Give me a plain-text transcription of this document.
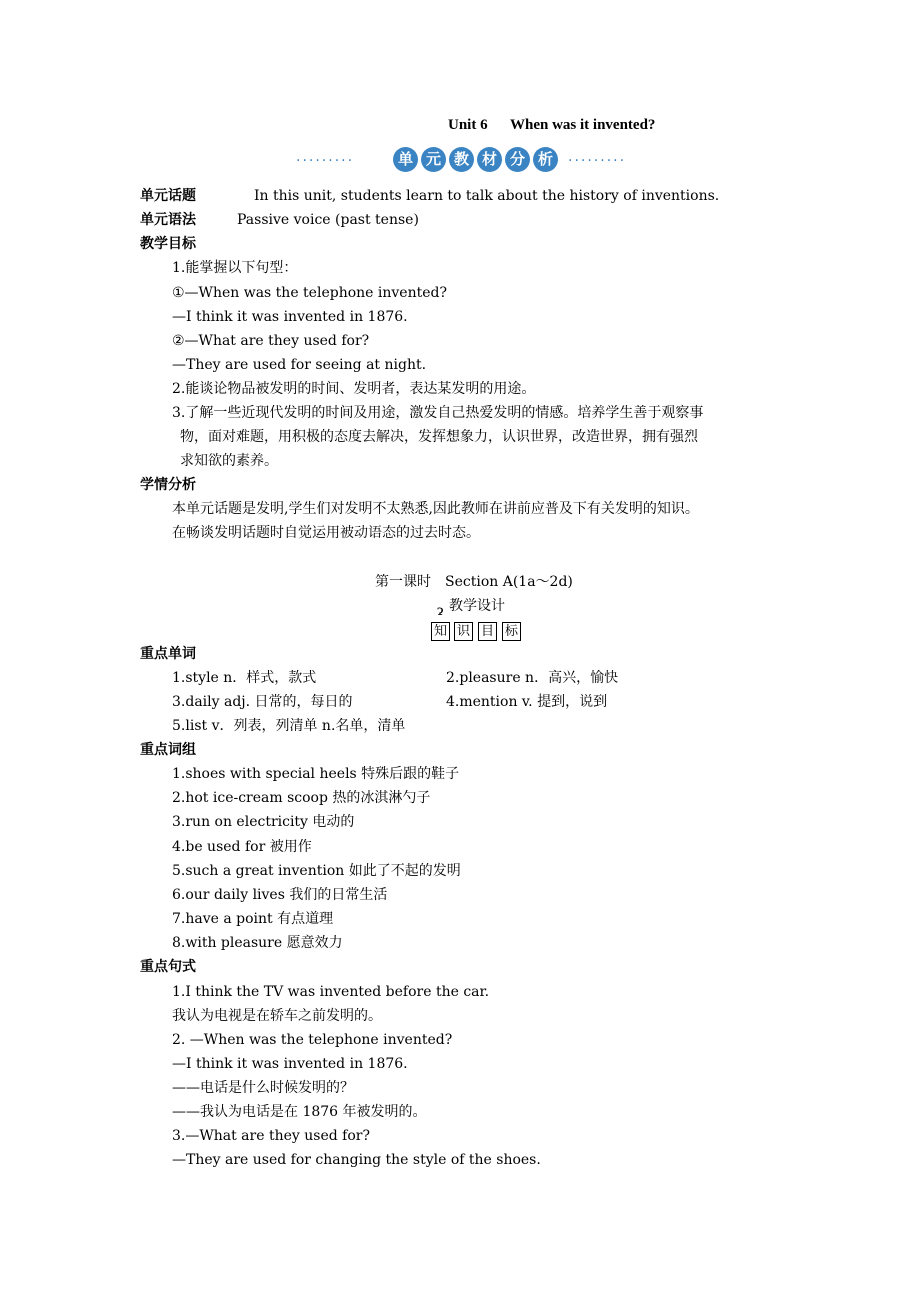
Unit 6 When was it invented?
·········	单 元 教 材 分 析	·········
单元话题	In this unit, students learn to talk about the history of inventions.
单元语法	Passive voice (past tense)
教学目标
1.能掌握以下句型：
①—When was the telephone invented?
—I think it was invented in 1876.
②—What are they used for?
—They are used for seeing at night.
2.能谈论物品被发明的时间、发明者，表达某发明的用途。
3.了解一些近现代发明的时间及用途，激发自己热爱发明的情感。培养学生善于观察事
物，面对难题，用积极的态度去解决，发挥想象力，认识世界，改造世界，拥有强烈
求知欲的素养。
学情分析
本单元话题是发明,学生们对发明不太熟悉,因此教师在讲前应普及下有关发明的知识。
在畅谈发明话题时自觉运用被动语态的过去时态。
第一课时　Section A(1a～2d)
ɂ 教学设计
知 识 目 标
重点单词
1.style n．样式，款式	2.pleasure n．高兴，愉快
3.daily adj. 日常的，每日的	4.mention v. 提到，说到
5.list v．列表，列清单 n.名单，清单
重点词组
1.shoes with special heels 特殊后跟的鞋子
2.hot ice-cream scoop 热的冰淇淋勺子
3.run on electricity 电动的
4.be used for 被用作
5.such a great invention 如此了不起的发明
6.our daily lives 我们的日常生活
7.have a point 有点道理
8.with pleasure 愿意效力
重点句式
1.I think the TV was invented before the car.
我认为电视是在轿车之前发明的。
2. —When was the telephone invented?
—I think it was invented in 1876.
——电话是什么时候发明的？
——我认为电话是在 1876 年被发明的。
3.—What are they used for?
—They are used for changing the style of the shoes.
